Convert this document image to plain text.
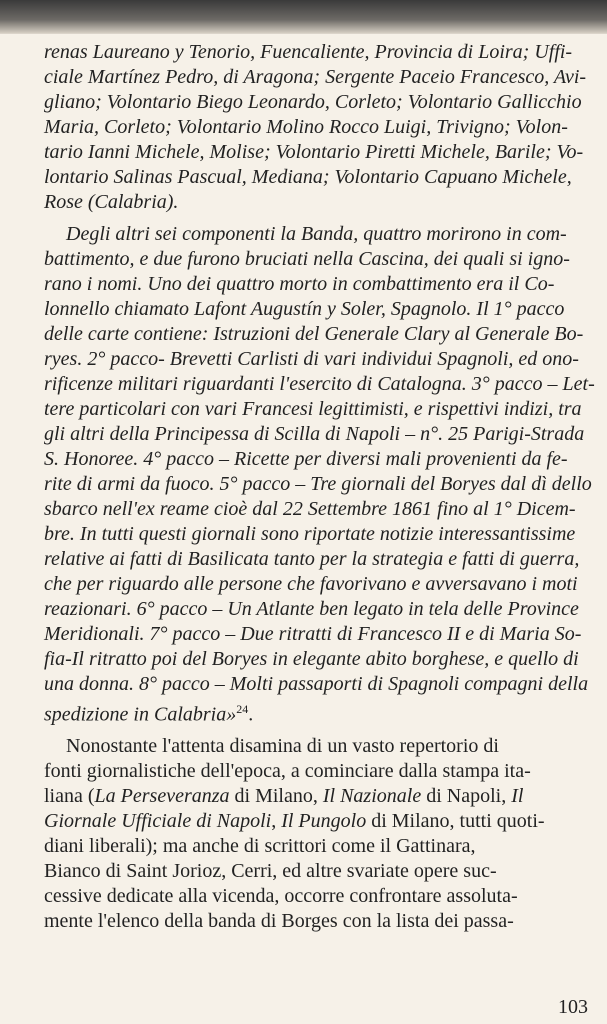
renas Laureano y Tenorio, Fuencaliente, Provincia di Loira; Uffi-
ciale Martínez Pedro, di Aragona; Sergente Paceio Francesco, Avi-
gliano; Volontario Biego Leonardo, Corleto; Volontario Gallicchio
Maria, Corleto; Volontario Molino Rocco Luigi, Trivigno; Volon-
tario Ianni Michele, Molise; Volontario Piretti Michele, Barile; Vo-
lontario Salinas Pascual, Mediana; Volontario Capuano Michele,
Rose (Calabria).
Degli altri sei componenti la Banda, quattro morirono in com-
battimento, e due furono bruciati nella Cascina, dei quali si igno-
rano i nomi. Uno dei quattro morto in combattimento era il Co-
lonnello chiamato Lafont Augustín y Soler, Spagnolo. Il 1° pacco
delle carte contiene: Istruzioni del Generale Clary al Generale Bo-
ryes. 2° pacco- Brevetti Carlisti di vari individui Spagnoli, ed ono-
rificenze militari riguardanti l'esercito di Catalogna. 3° pacco – Let-
tere particolari con vari Francesi legittimisti, e rispettivi indizi, tra
gli altri della Principessa di Scilla di Napoli – n°. 25 Parigi-Strada
S. Honoree. 4° pacco – Ricette per diversi mali provenienti da fe-
rite di armi da fuoco. 5° pacco – Tre giornali del Boryes dal dì dello
sbarco nell'ex reame cioè dal 22 Settembre 1861 fino al 1° Dicem-
bre. In tutti questi giornali sono riportate notizie interessantissime
relative ai fatti di Basilicata tanto per la strategia e fatti di guerra,
che per riguardo alle persone che favorivano e avversavano i moti
reazionari. 6° pacco – Un Atlante ben legato in tela delle Province
Meridionali. 7° pacco – Due ritratti di Francesco II e di Maria So-
fia-Il ritratto poi del Boryes in elegante abito borghese, e quello di
una donna. 8° pacco – Molti passaporti di Spagnoli compagni della
spedizione in Calabria»$^{24}$.
Nonostante l'attenta disamina di un vasto repertorio di
fonti giornalistiche dell'epoca, a cominciare dalla stampa ita-
liana (La Perseveranza di Milano, Il Nazionale di Napoli, Il
Giornale Ufficiale di Napoli, Il Pungolo di Milano, tutti quoti-
diani liberali); ma anche di scrittori come il Gattinara,
Bianco di Saint Jorioz, Cerri, ed altre svariate opere suc-
cessive dedicate alla vicenda, occorre confrontare assoluta-
mente l'elenco della banda di Borges con la lista dei passa-
103
